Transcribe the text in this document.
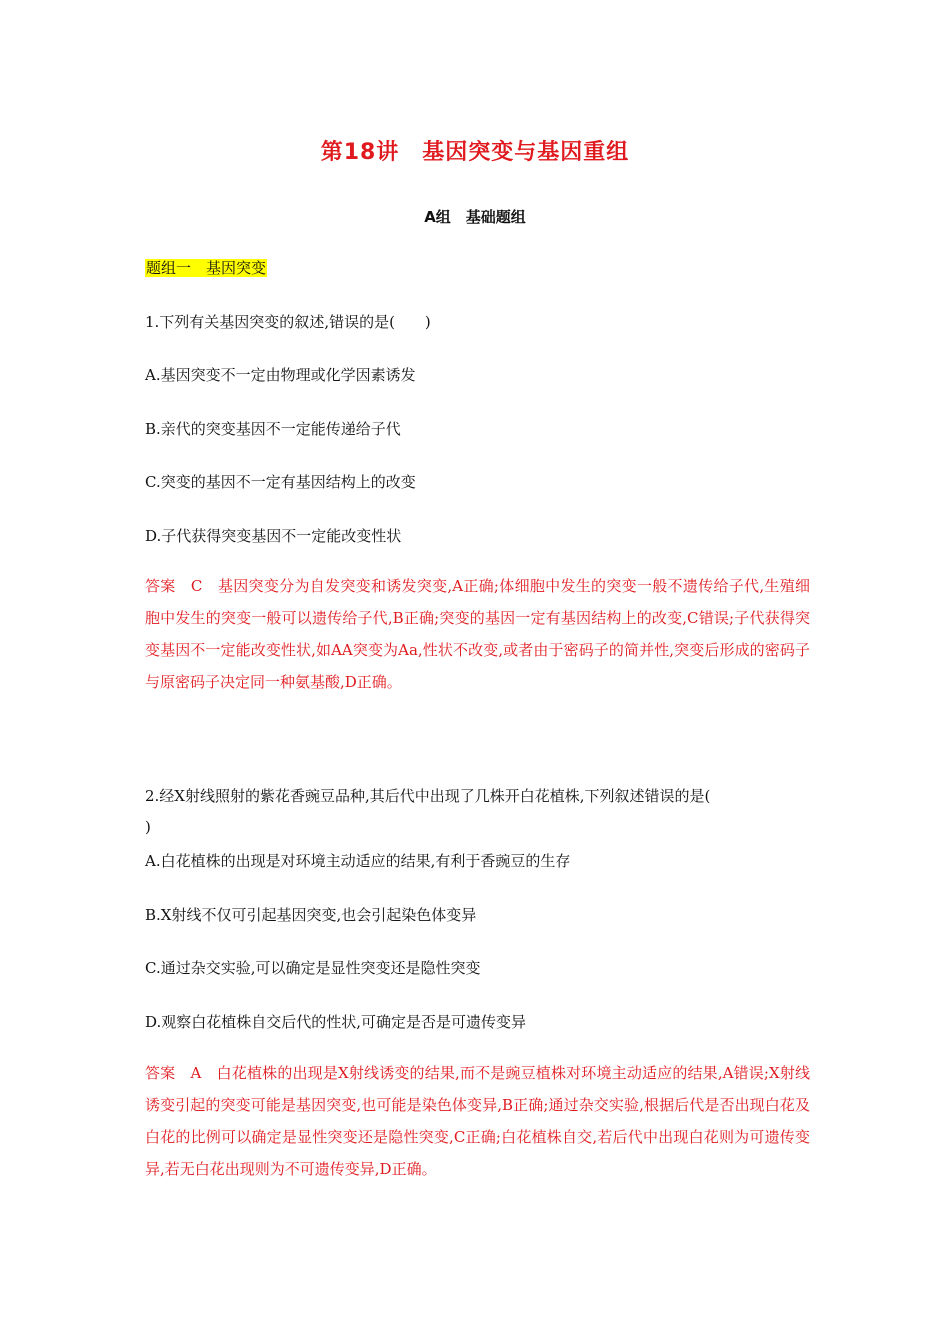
第18讲　基因突变与基因重组
A组　基础题组
题组一　基因突变
1.下列有关基因突变的叙述,错误的是(　　)
A.基因突变不一定由物理或化学因素诱发
B.亲代的突变基因不一定能传递给子代
C.突变的基因不一定有基因结构上的改变
D.子代获得突变基因不一定能改变性状
答案　C　基因突变分为自发突变和诱发突变,A正确;体细胞中发生的突变一般不遗传给子代,生殖细胞中发生的突变一般可以遗传给子代,B正确;突变的基因一定有基因结构上的改变,C错误;子代获得突变基因不一定能改变性状,如AA突变为Aa,性状不改变,或者由于密码子的简并性,突变后形成的密码子与原密码子决定同一种氨基酸,D正确。
2.经X射线照射的紫花香豌豆品种,其后代中出现了几株开白花植株,下列叙述错误的是(

)
A.白花植株的出现是对环境主动适应的结果,有利于香豌豆的生存
B.X射线不仅可引起基因突变,也会引起染色体变异
C.通过杂交实验,可以确定是显性突变还是隐性突变
D.观察白花植株自交后代的性状,可确定是否是可遗传变异
答案　A　白花植株的出现是X射线诱变的结果,而不是豌豆植株对环境主动适应的结果,A错误;X射线诱变引起的突变可能是基因突变,也可能是染色体变异,B正确;通过杂交实验,根据后代是否出现白花及白花的比例可以确定是显性突变还是隐性突变,C正确;白花植株自交,若后代中出现白花则为可遗传变异,若无白花出现则为不可遗传变异,D正确。
